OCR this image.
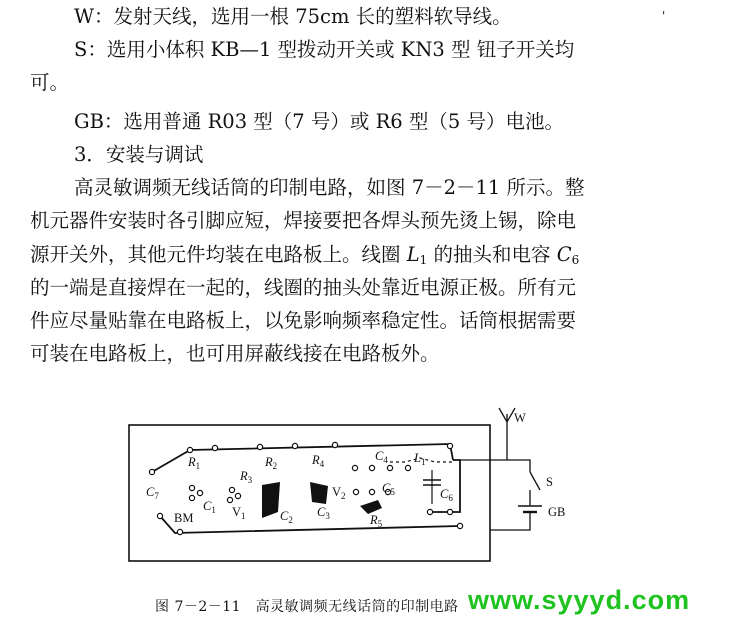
'
W：发射天线，选用一根 75cm 长的塑料软导线。
S：选用小体积 KB—1 型拨动开关或 KN3 型 钮子开关均
可。
GB：选用普通 R03 型（7 号）或 R6 型（5 号）电池。
3．安装与调试
高灵敏调频无线话筒的印制电路，如图 7－2－11 所示。整
机元器件安装时各引脚应短，焊接要把各焊头预先烫上锡，除电
源开关外，其他元件均装在电路板上。线圈 $L_1$ 的抽头和电容 $C_6$
的一端是直接焊在一起的，线圈的抽头处靠近电源正极。所有元
件应尽量贴靠在电路板上，以免影响频率稳定性。话筒根据需要
可装在电路板上，也可用屏蔽线接在电路板外。
W
$R_1$	$R_2$
$R_3$
$R_4$
$R_5$
$C_4$ $L_1$
$C_5$	$C_6$
$C_7$
$C_1$	$C_2$
$C_3$
$V_1$
$V_2$
BM
S
GB
图 7－2－11　高灵敏调频无线话筒的印制电路 www.syyyd.com
